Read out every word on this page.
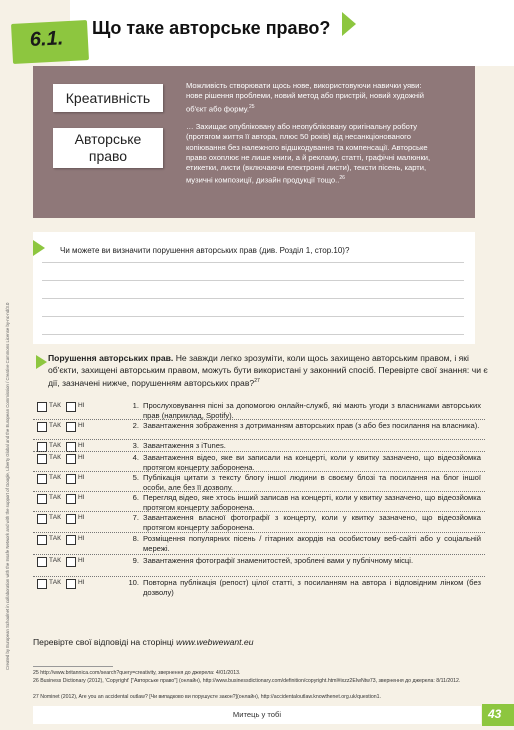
Created by European Schoolnet in collaboration with the Insafe Network and with the support of Google, Liberty Global and the European Commission / Creative Commons License by-nc-nd/3.0
6.1. Що таке авторське право?
Креативність
Можливість створювати щось нове, використовуючи навички уяви: нове рішення проблеми, новий метод або пристрій, новий художній об'єкт або форму.$^{25}$
Авторське
право
… Захищає опубліковану або неопубліковану оригінальну роботу (протягом життя її автора, плюс 50 років) від несанкціонованого копіювання без належного відшкодування та компенсації. Авторське право охоплює не лише книги, а й рекламу, статті, графічні малюнки, етикетки, листи (включаючи електронні листи), тексти пісень, карти, музичні композиції, дизайн продукції тощо..$^{26}$
Чи можете ви визначити порушення авторських прав (див. Розділ 1, стор.10)?
Порушення авторських прав. Не завжди легко зрозуміти, коли щось захищено авторським правом, і які об'єкти, захищені авторським правом, можуть бути використані у законний спосіб. Перевірте свої знання: чи є дії, зазначені нижче, порушенням авторських прав?$^{27}$
ТАК	НІ	1. Прослуховування пісні за допомогою онлайн-служб, які мають угоди з власниками авторських прав (наприклад, Spotify).
ТАК	НІ	2. Завантаження зображення з дотриманням авторських прав (з або без посилання на власника).
ТАК	НІ	3. Завантаження з iTunes.
ТАК	НІ	4. Завантаження відео, яке ви записали на концерті, коли у квитку зазначено, що відеозйомка протягом концерту заборонена.
ТАК	НІ	5. Публікація цитати з тексту блогу іншої людини в своєму блозі та посилання на блог іншої особи, але без її дозволу.
ТАК	НІ	6. Перегляд відео, яке хтось інший записав на концерті, коли у квитку зазначено, що відеозйомка протягом концерту заборонена.
ТАК	НІ	7. Завантаження власної фотографії з концерту, коли у квитку зазначено, що відеозйомка протягом концерту заборонена.
ТАК	НІ	8. Розміщення популярних пісень / гітарних акордів на особистому веб-сайті або у соціальній мережі.
ТАК	НІ	9. Завантаження фотографії знаменитостей, зроблені вами у публічному місці.
ТАК	НІ	10. Повторна публікація (репост) цілої статті, з посиланням на автора і відповідним лінком (без дозволу)
Перевірте свої відповіді на сторінці www.webwewant.eu
25 http://www.britannica.com/search?query=creativity, звернення до джерела: 4/01/2013.
26 Business Dictionary (2012), 'Copyright' ["Авторське право"] (онлайн), http://www.businessdictionary.com/definition/copyright.html#ixzz2EIwNtw73, звернення до джерела: 8/11/2012.
27 Nominet (2012), Are you an accidental outlaw? [Чи випадково ви порушуєте закон?](онлайн), http://accidentaloutlaw.knowthenet.org.uk/question1.
Митець у тобі	43
